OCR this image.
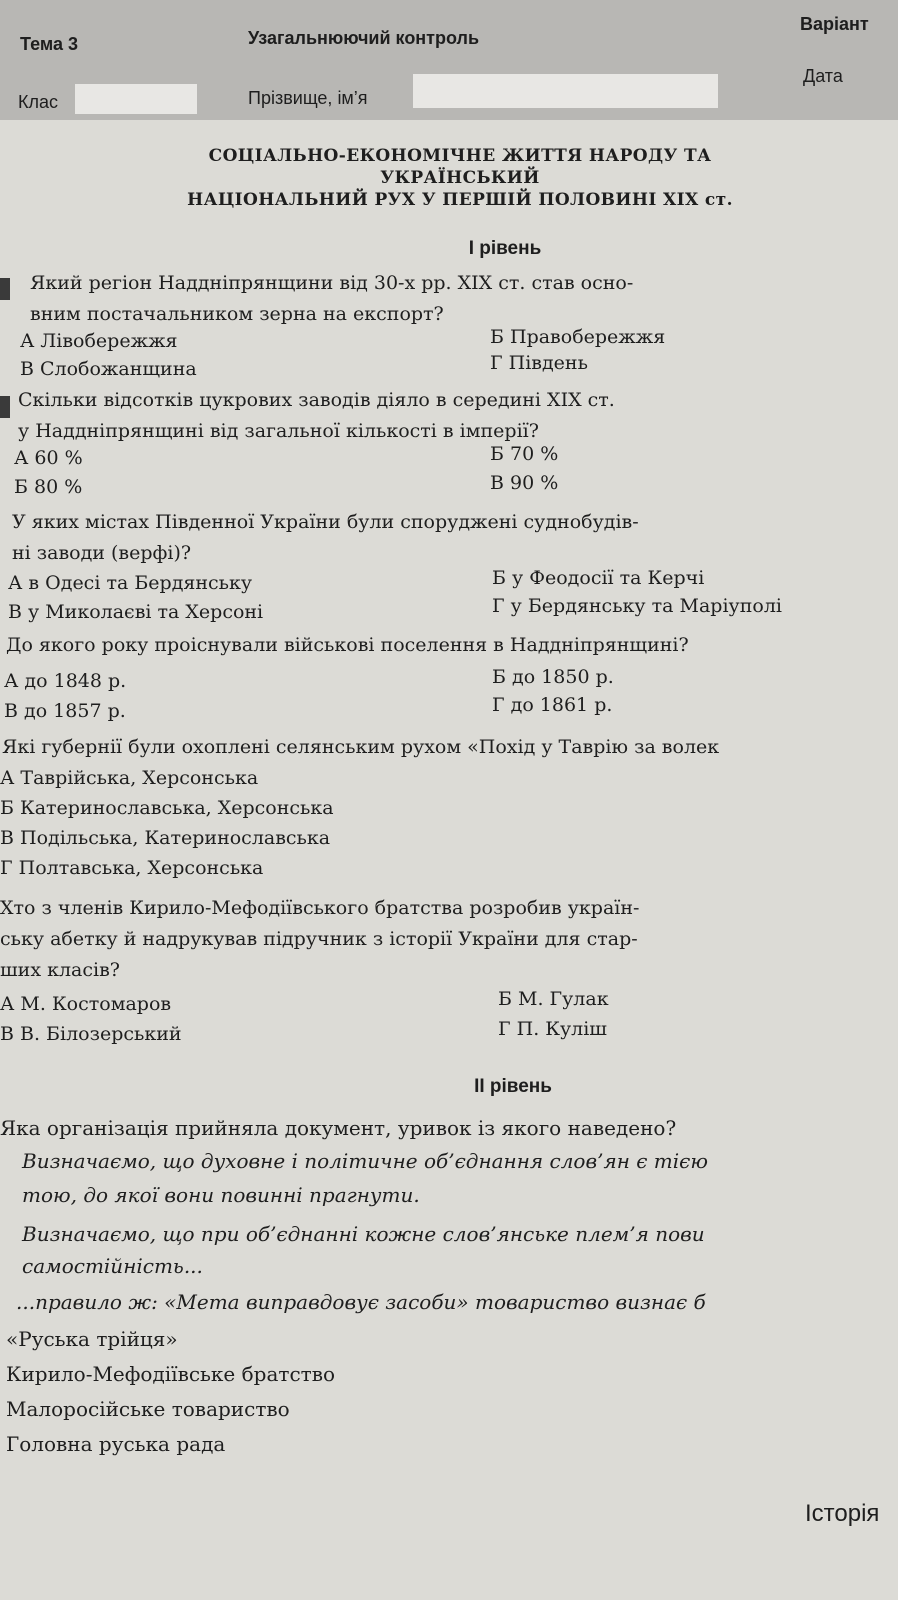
Тема 3	Узагальнюючий контроль
Варіант
Клас	Прізвище, ім’я
Дата
СОЦІАЛЬНО-ЕКОНОМІЧНЕ ЖИТТЯ НАРОДУ ТА УКРАЇНСЬКИЙ
НАЦІОНАЛЬНИЙ РУХ У ПЕРШІЙ ПОЛОВИНІ XIX ст.
І рівень
Який регіон Наддніпрянщини від 30-х рр. XIX ст. став осно-
вним постачальником зерна на експорт?
А Лівобережжя	Б Правобережжя
В Слобожанщина	Г Південь
Скільки відсотків цукрових заводів діяло в середині XIX ст.
у Наддніпрянщині від загальної кількості в імперії?
А 60 %	Б 70 %
Б 80 %	В 90 %
У яких містах Південної України були споруджені суднобудів-
ні заводи (верфі)?
А в Одесі та Бердянську	Б у Феодосії та Керчі
В у Миколаєві та Херсоні	Г у Бердянську та Маріуполі
До якого року проіснували військові поселення в Наддніпрянщині?
А до 1848 р.	Б до 1850 р.
В до 1857 р.	Г до 1861 р.
Які губернії були охоплені селянським рухом «Похід у Таврію за волек
А Таврійська, Херсонська
Б Катеринославська, Херсонська
В Подільська, Катеринославська
Г Полтавська, Херсонська
Хто з членів Кирило-Мефодіївського братства розробив україн-
ську абетку й надрукував підручник з історії України для стар-
ших класів?
А М. Костомаров	Б М. Гулак
В В. Білозерський	Г П. Куліш
ІІ рівень
Яка організація прийняла документ, уривок із якого наведено?
Визначаємо, що духовне і політичне об’єднання слов’ян є тією
тою, до якої вони повинні прагнути.
Визначаємо, що при об’єднанні кожне слов’янське плем’я пови
самостійність...
...правило ж: «Мета виправдовує засоби» товариство визнає б
«Руська трійця»
Кирило-Мефодіївське братство
Малоросійське товариство
Головна руська рада
Історія
